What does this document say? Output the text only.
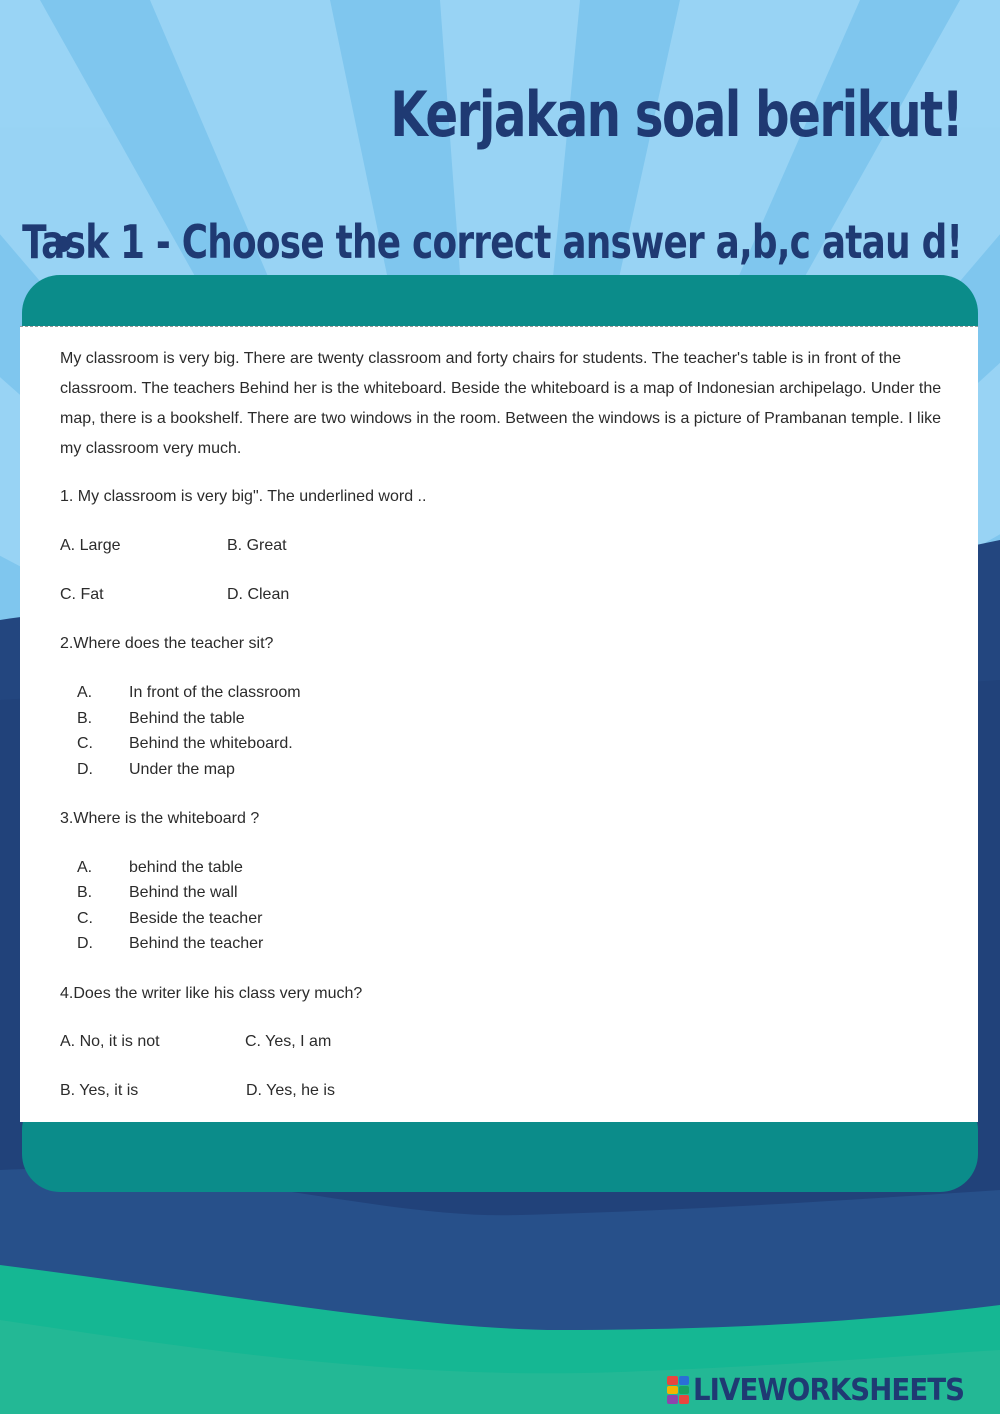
Kerjakan soal berikut!
Task 1 - Choose the correct answer a,b,c atau d!

My classroom is very big. There are twenty classroom and forty chairs for students. The teacher's table is in front of the classroom. The teachers Behind her is the whiteboard. Beside the whiteboard is a map of Indonesian archipelago. Under the map, there is a bookshelf. There are two windows in the room. Between the windows is a picture of Prambanan temple. I like my classroom very much.

1. My classroom is very big". The underlined word ..
A. Large	B. Great
C. Fat	D. Clean
2.Where does the teacher sit?
A. In front of the classroom
B. Behind the table
C. Behind the whiteboard.
D. Under the map
3.Where is the whiteboard ?
A. behind the table
B. Behind the wall
C. Beside the teacher
D. Behind the teacher
4.Does the writer like his class very much?
A. No, it is not	C. Yes, I am
B. Yes, it is	D. Yes, he is
LIVEWORKSHEETS
